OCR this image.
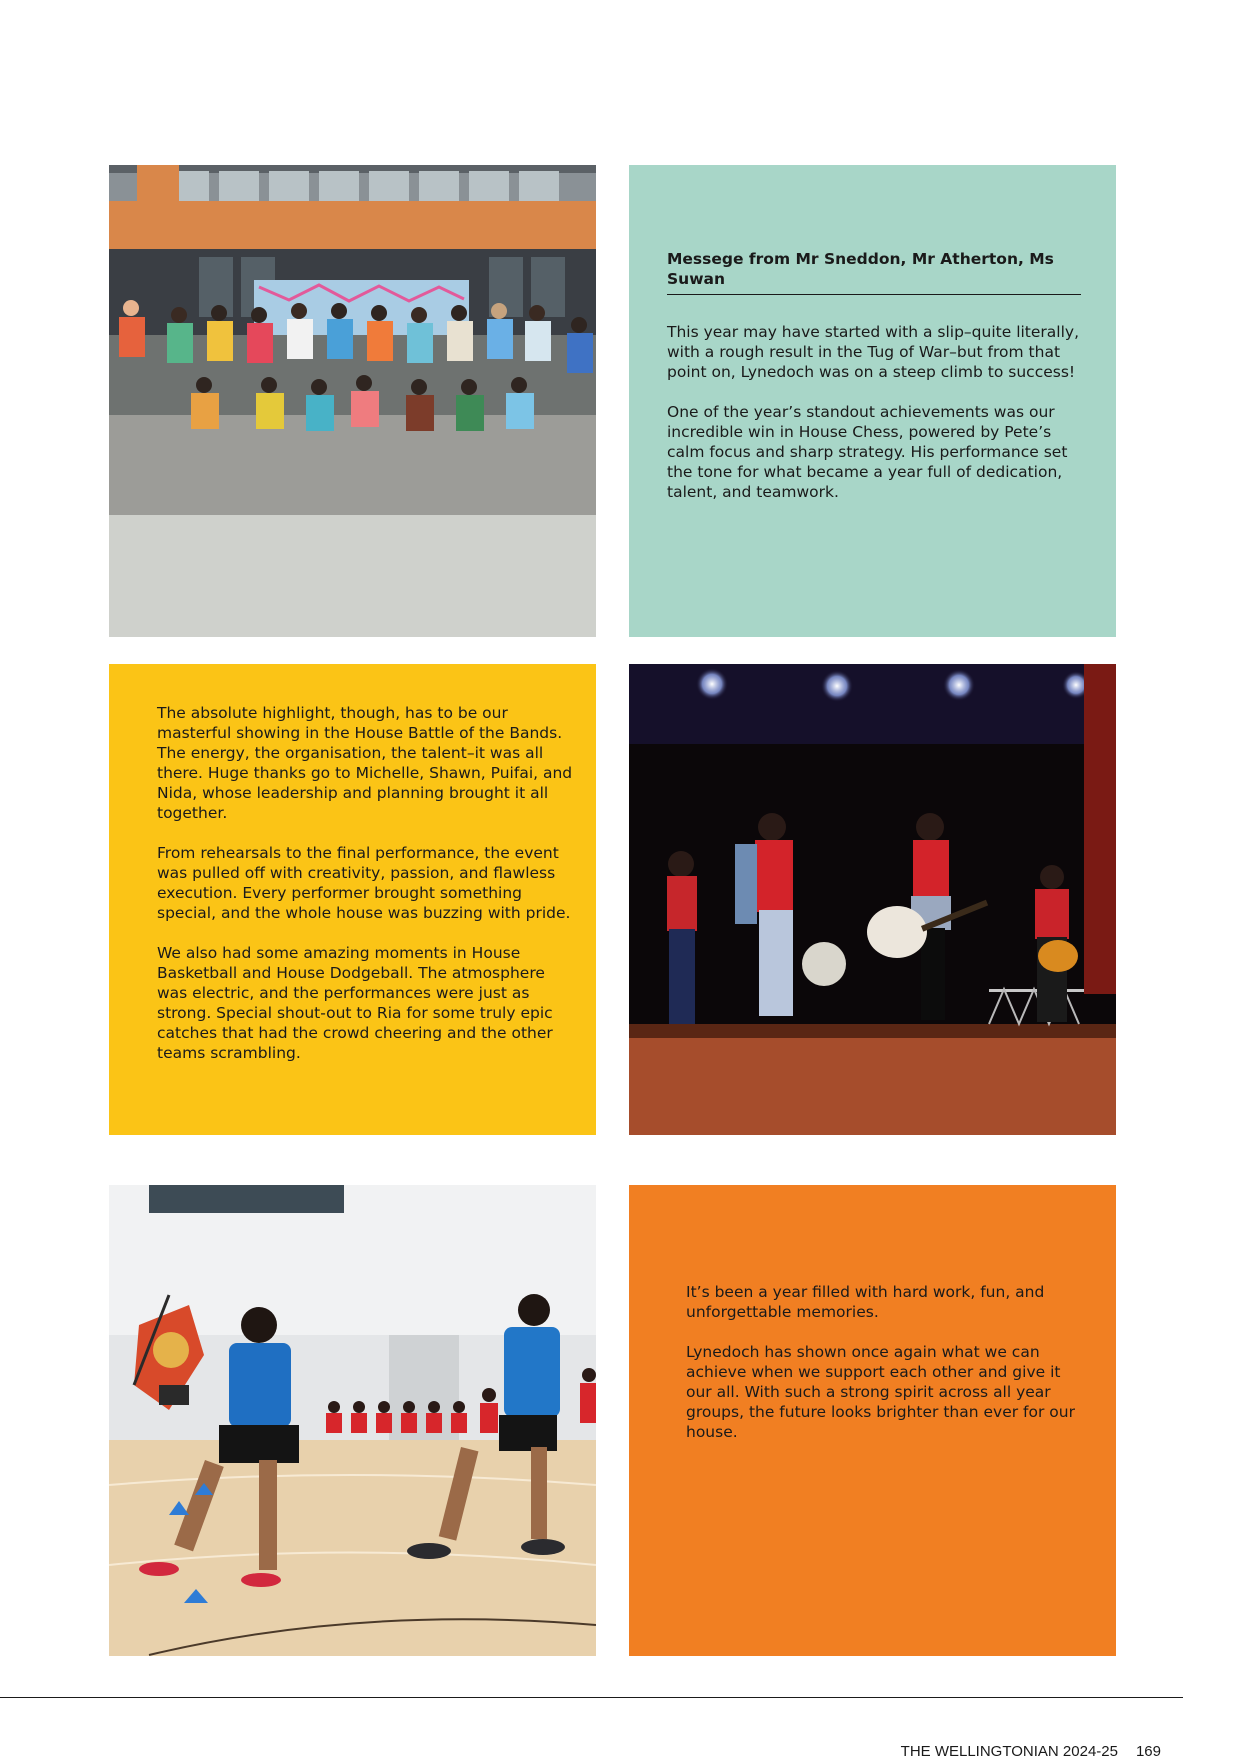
Messege from Mr Sneddon, Mr Atherton, Ms Suwan

This year may have started with a slip–quite literally, with a rough result in the Tug of War–but from that point on, Lynedoch was on a steep climb to success!

One of the year’s standout achievements was our incredible win in House Chess, powered by Pete’s calm focus and sharp strategy. His performance set the tone for what became a year full of dedication, talent, and teamwork.

The absolute highlight, though, has to be our masterful showing in the House Battle of the Bands. The energy, the organisation, the talent–it was all there. Huge thanks go to Michelle, Shawn, Puifai, and Nida, whose leadership and planning brought it all together.

From rehearsals to the final performance, the event was pulled off with creativity, passion, and flawless execution. Every performer brought something special, and the whole house was buzzing with pride.

We also had some amazing moments in House Basketball and House Dodgeball. The atmosphere was electric, and the performances were just as strong. Special shout-out to Ria for some truly epic catches that had the crowd cheering and the other teams scrambling.

It’s been a year filled with hard work, fun, and unforgettable memories.

Lynedoch has shown once again what we can achieve when we support each other and give it our all. With such a strong spirit across all year groups, the future looks brighter than ever for our house.

THE WELLINGTONIAN 2024-25 169
